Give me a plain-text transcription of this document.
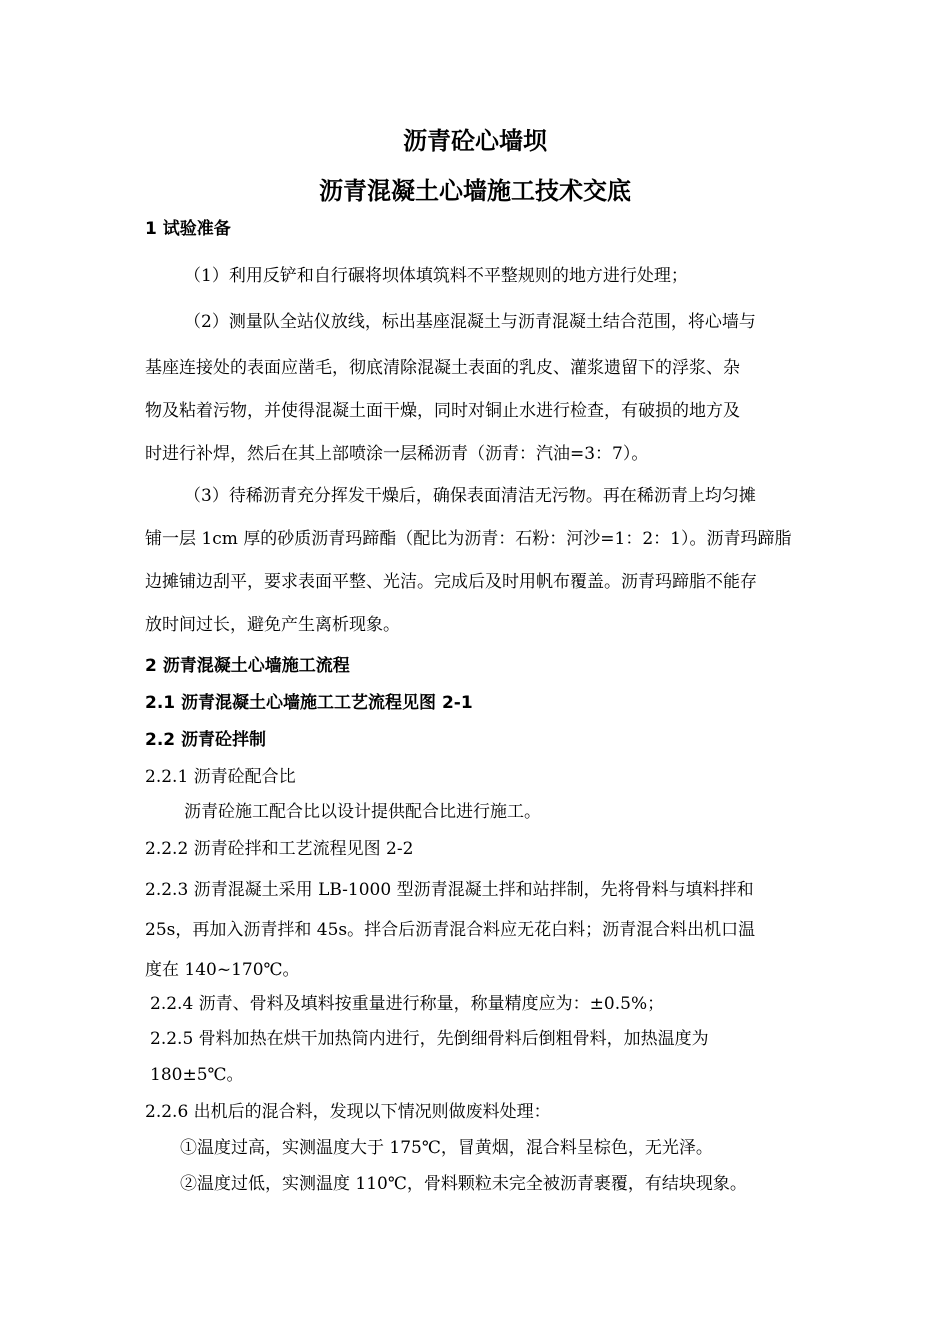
沥青砼心墙坝
沥青混凝土心墙施工技术交底
1 试验准备
（1）利用反铲和自行碾将坝体填筑料不平整规则的地方进行处理；
（2）测量队全站仪放线，标出基座混凝土与沥青混凝土结合范围，将心墙与
基座连接处的表面应凿毛，彻底清除混凝土表面的乳皮、灌浆遗留下的浮浆、杂
物及粘着污物，并使得混凝土面干燥，同时对铜止水进行检查，有破损的地方及
时进行补焊，然后在其上部喷涂一层稀沥青（沥青：汽油=3：7）。
（3）待稀沥青充分挥发干燥后，确保表面清洁无污物。再在稀沥青上均匀摊
铺一层 1cm 厚的砂质沥青玛蹄酯（配比为沥青：石粉：河沙=1：2：1）。沥青玛蹄脂
边摊铺边刮平，要求表面平整、光洁。完成后及时用帆布覆盖。沥青玛蹄脂不能存
放时间过长，避免产生离析现象。
2 沥青混凝土心墙施工流程
2.1 沥青混凝土心墙施工工艺流程见图 2-1
2.2 沥青砼拌制
2.2.1 沥青砼配合比
沥青砼施工配合比以设计提供配合比进行施工。
2.2.2 沥青砼拌和工艺流程见图 2-2
2.2.3 沥青混凝土采用 LB-1000 型沥青混凝土拌和站拌制，先将骨料与填料拌和
25s，再加入沥青拌和 45s。拌合后沥青混合料应无花白料；沥青混合料出机口温
度在 140~170℃。
2.2.4 沥青、骨料及填料按重量进行称量，称量精度应为：±0.5%；
2.2.5 骨料加热在烘干加热筒内进行，先倒细骨料后倒粗骨料，加热温度为
180±5℃。
2.2.6 出机后的混合料，发现以下情况则做废料处理：
①温度过高，实测温度大于 175℃，冒黄烟，混合料呈棕色，无光泽。
②温度过低，实测温度 110℃，骨料颗粒未完全被沥青裹覆，有结块现象。
